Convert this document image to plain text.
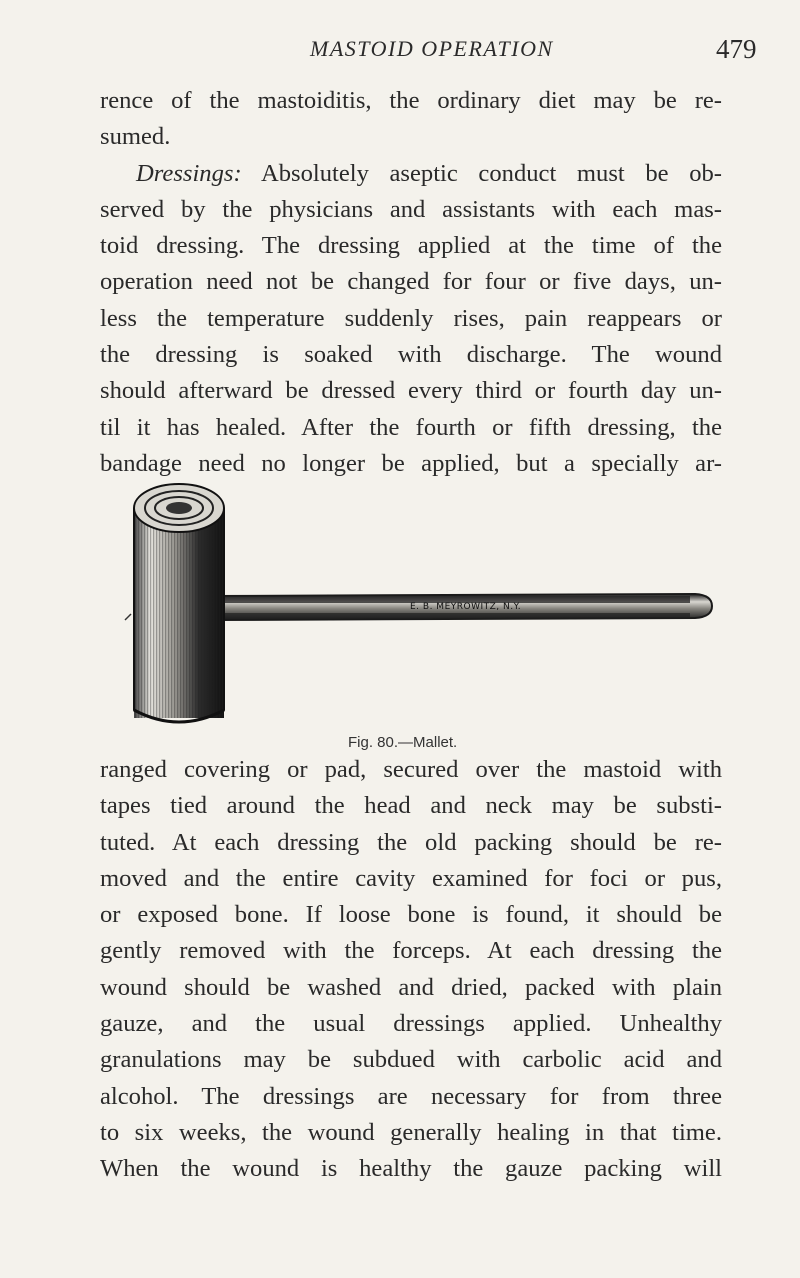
MASTOID OPERATION	479
rence of the mastoiditis, the ordinary diet may be re-
sumed.
Dressings: Absolutely aseptic conduct must be ob-
served by the physicians and assistants with each mas-
toid dressing. The dressing applied at the time of the
operation need not be changed for four or five days, un-
less the temperature suddenly rises, pain reappears or
the dressing is soaked with discharge. The wound
should afterward be dressed every third or fourth day un-
til it has healed. After the fourth or fifth dressing, the
bandage need no longer be applied, but a specially ar-
E. B. MEYROWITZ, N.Y.
Fig. 80.—Mallet.
ranged covering or pad, secured over the mastoid with
tapes tied around the head and neck may be substi-
tuted. At each dressing the old packing should be re-
moved and the entire cavity examined for foci or pus,
or exposed bone. If loose bone is found, it should be
gently removed with the forceps. At each dressing the
wound should be washed and dried, packed with plain
gauze, and the usual dressings applied. Unhealthy
granulations may be subdued with carbolic acid and
alcohol. The dressings are necessary for from three
to six weeks, the wound generally healing in that time.
When the wound is healthy the gauze packing will
